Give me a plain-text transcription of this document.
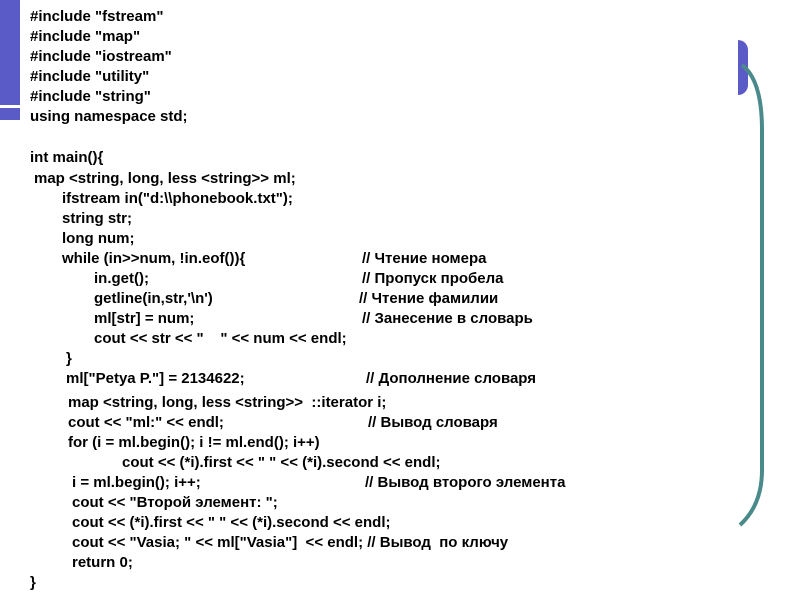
#include "fstream"
#include "map"
#include "iostream"
#include "utility"
#include "string"
using namespace std;
int main(){
map <string, long, less <string>> ml;
ifstream in("d:\\phonebook.txt");
string str;
long num;
while (in>>num, !in.eof()){	// Чтение номера
in.get();	// Пропуск пробела
getline(in,str,'\n')	// Чтение фамилии
ml[str] = num;	// Занесение в словарь
cout << str << "    " << num << endl;
}
ml["Petya P."] = 2134622;	// Дополнение словаря
map <string, long, less <string>>  ::iterator i;
cout << "ml:" << endl;	// Вывод словаря
for (i = ml.begin(); i != ml.end(); i++)
cout << (*i).first << " " << (*i).second << endl;
i = ml.begin(); i++;	// Вывод второго элемента
cout << "Второй элемент: ";
cout << (*i).first << " " << (*i).second << endl;
cout << "Vasia; " << ml["Vasia"]  << endl; // Вывод  по ключу
return 0;
}
